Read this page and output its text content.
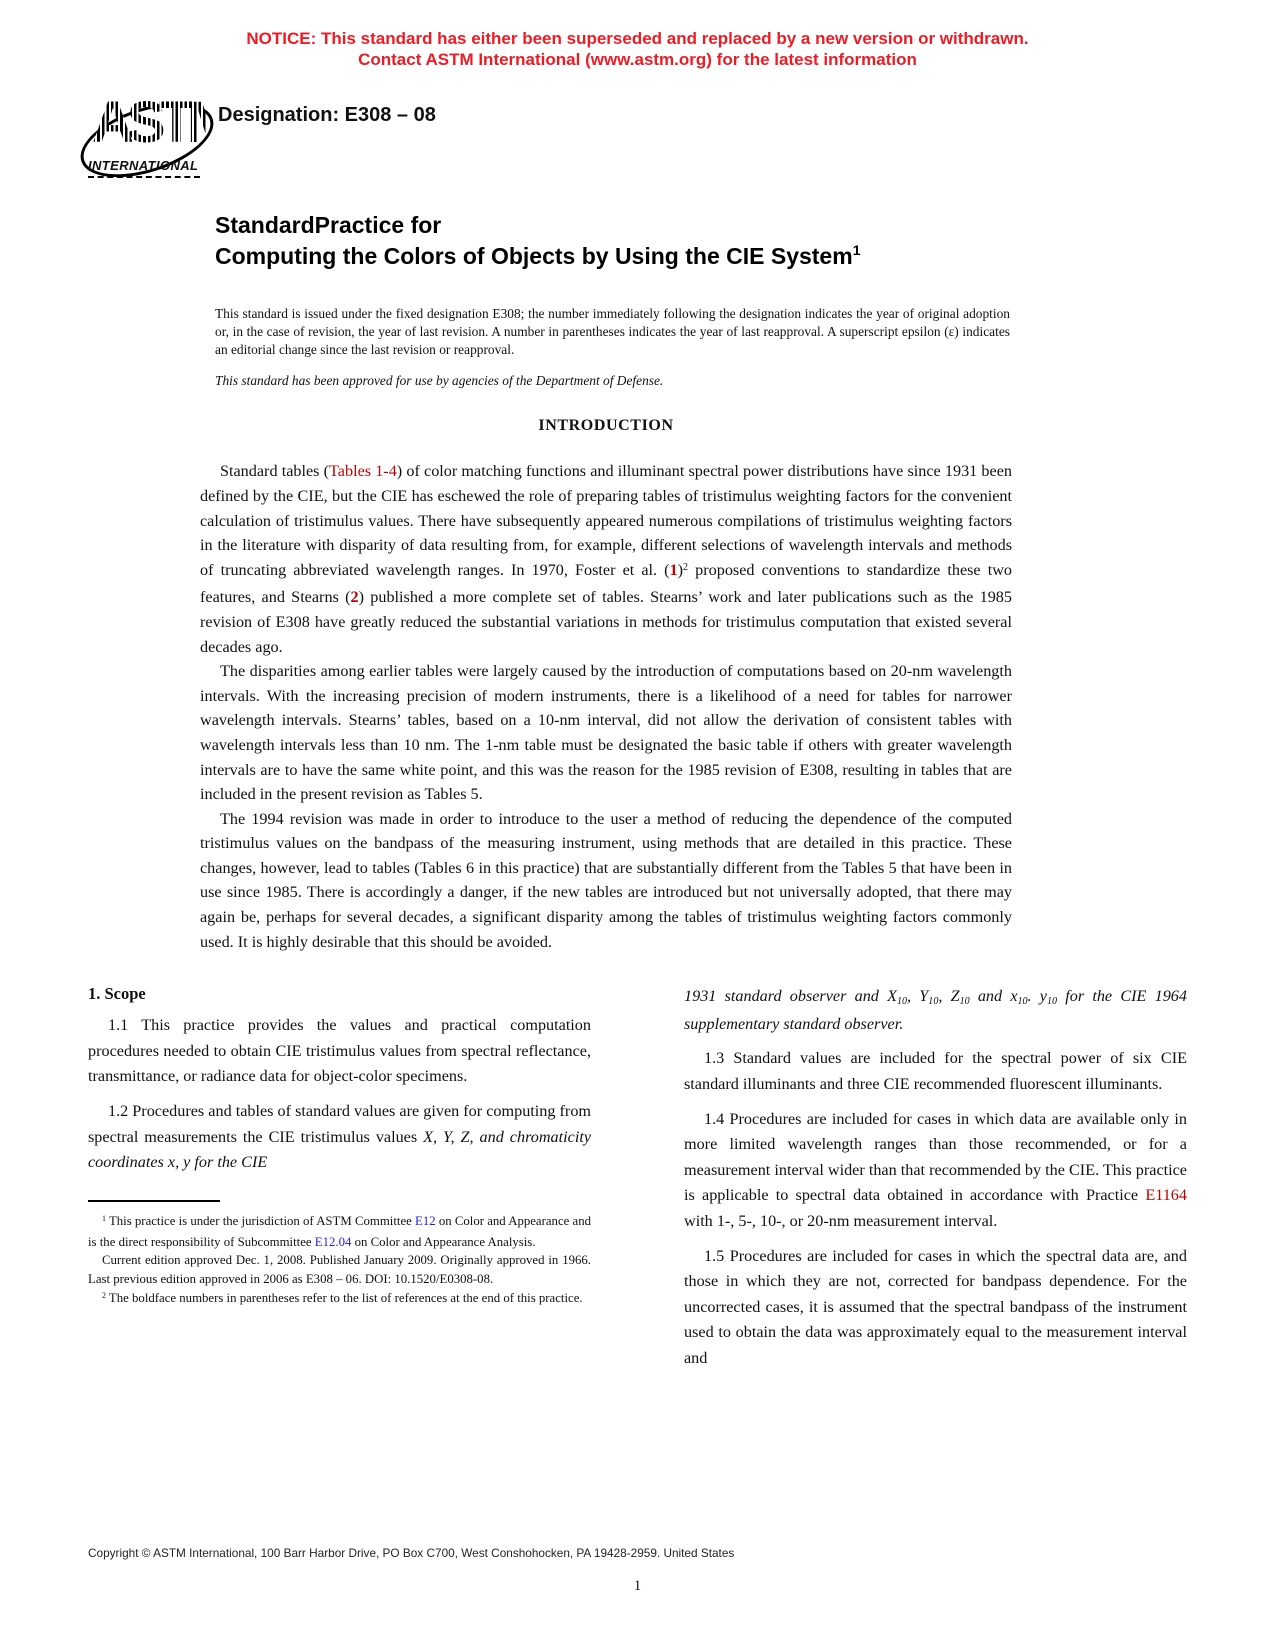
NOTICE: This standard has either been superseded and replaced by a new version or withdrawn.
Contact ASTM International (www.astm.org) for the latest information
ASTM
INTERNATIONAL
Designation: E308 – 08
StandardPractice for
Computing the Colors of Objects by Using the CIE System$^1$

This standard is issued under the fixed designation E308; the number immediately following the designation indicates the year of original adoption or, in the case of revision, the year of last revision. A number in parentheses indicates the year of last reapproval. A superscript epsilon (ε) indicates an editorial change since the last revision or reapproval.

This standard has been approved for use by agencies of the Department of Defense.

INTRODUCTION

Standard tables (Tables 1-4) of color matching functions and illuminant spectral power distributions have since 1931 been defined by the CIE, but the CIE has eschewed the role of preparing tables of tristimulus weighting factors for the convenient calculation of tristimulus values. There have subsequently appeared numerous compilations of tristimulus weighting factors in the literature with disparity of data resulting from, for example, different selections of wavelength intervals and methods of truncating abbreviated wavelength ranges. In 1970, Foster et al. $(1)^2$ proposed conventions to standardize these two features, and Stearns (2) published a more complete set of tables. Stearns’ work and later publications such as the 1985 revision of E308 have greatly reduced the substantial variations in methods for tristimulus computation that existed several decades ago.

The disparities among earlier tables were largely caused by the introduction of computations based on 20-nm wavelength intervals. With the increasing precision of modern instruments, there is a likelihood of a need for tables for narrower wavelength intervals. Stearns’ tables, based on a 10-nm interval, did not allow the derivation of consistent tables with wavelength intervals less than 10 nm. The 1-nm table must be designated the basic table if others with greater wavelength intervals are to have the same white point, and this was the reason for the 1985 revision of E308, resulting in tables that are included in the present revision as Tables 5.

The 1994 revision was made in order to introduce to the user a method of reducing the dependence of the computed tristimulus values on the bandpass of the measuring instrument, using methods that are detailed in this practice. These changes, however, lead to tables (Tables 6 in this practice) that are substantially different from the Tables 5 that have been in use since 1985. There is accordingly a danger, if the new tables are introduced but not universally adopted, that there may again be, perhaps for several decades, a significant disparity among the tables of tristimulus weighting factors commonly used. It is highly desirable that this should be avoided.

1. Scope

1.1 This practice provides the values and practical computation procedures needed to obtain CIE tristimulus values from spectral reflectance, transmittance, or radiance data for object-color specimens.

1.2 Procedures and tables of standard values are given for computing from spectral measurements the CIE tristimulus values X, Y, Z, and chromaticity coordinates x, y for the CIE

$^1$ This practice is under the jurisdiction of ASTM Committee E12 on Color and Appearance and is the direct responsibility of Subcommittee E12.04 on Color and Appearance Analysis.

Current edition approved Dec. 1, 2008. Published January 2009. Originally approved in 1966. Last previous edition approved in 2006 as E308 – 06. DOI: 10.1520/E0308-08.

$^2$ The boldface numbers in parentheses refer to the list of references at the end of this practice.

1931 standard observer and X10, Y10, Z10 and x10. y10 for the CIE 1964 supplementary standard observer.

1.3 Standard values are included for the spectral power of six CIE standard illuminants and three CIE recommended fluorescent illuminants.

1.4 Procedures are included for cases in which data are available only in more limited wavelength ranges than those recommended, or for a measurement interval wider than that recommended by the CIE. This practice is applicable to spectral data obtained in accordance with Practice E1164 with 1-, 5-, 10-, or 20-nm measurement interval.

1.5 Procedures are included for cases in which the spectral data are, and those in which they are not, corrected for bandpass dependence. For the uncorrected cases, it is assumed that the spectral bandpass of the instrument used to obtain the data was approximately equal to the measurement interval and

Copyright © ASTM International, 100 Barr Harbor Drive, PO Box C700, West Conshohocken, PA 19428-2959. United States
1
